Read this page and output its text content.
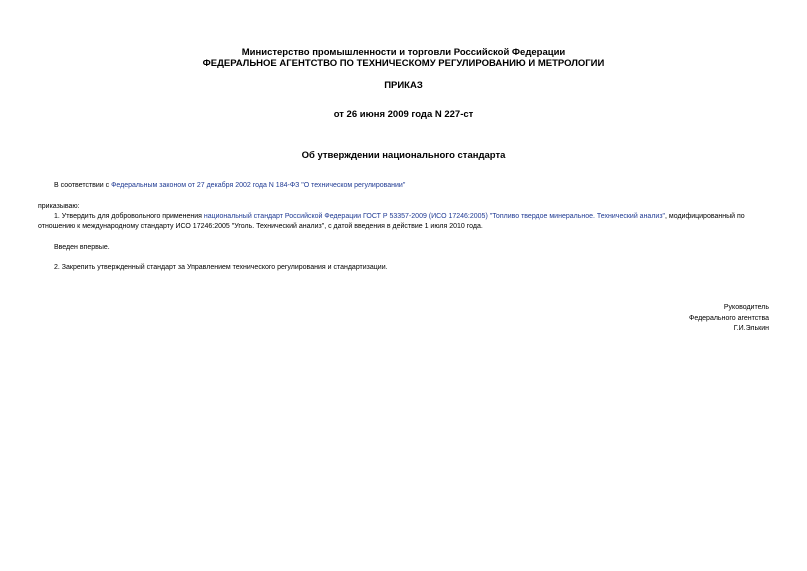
Министерство промышленности и торговли Российской Федерации
ФЕДЕРАЛЬНОЕ АГЕНТСТВО ПО ТЕХНИЧЕСКОМУ РЕГУЛИРОВАНИЮ И МЕТРОЛОГИИ
ПРИКАЗ
от 26 июня 2009 года N 227-ст
Об утверждении национального стандарта
В соответствии с Федеральным законом от 27 декабря 2002 года N 184-ФЗ "О техническом регулировании"
приказываю:
1. Утвердить для добровольного применения национальный стандарт Российской Федерации ГОСТ Р 53357-2009 (ИСО 17246:2005) "Топливо твердое минеральное. Технический анализ", модифицированный по
отношению к международному стандарту ИСО 17246:2005 "Уголь. Технический анализ", с датой введения в действие 1 июля 2010 года.
Введен впервые.
2. Закрепить утвержденный стандарт за Управлением технического регулирования и стандартизации.
Руководитель
Федерального агентства
Г.И.Элькин
